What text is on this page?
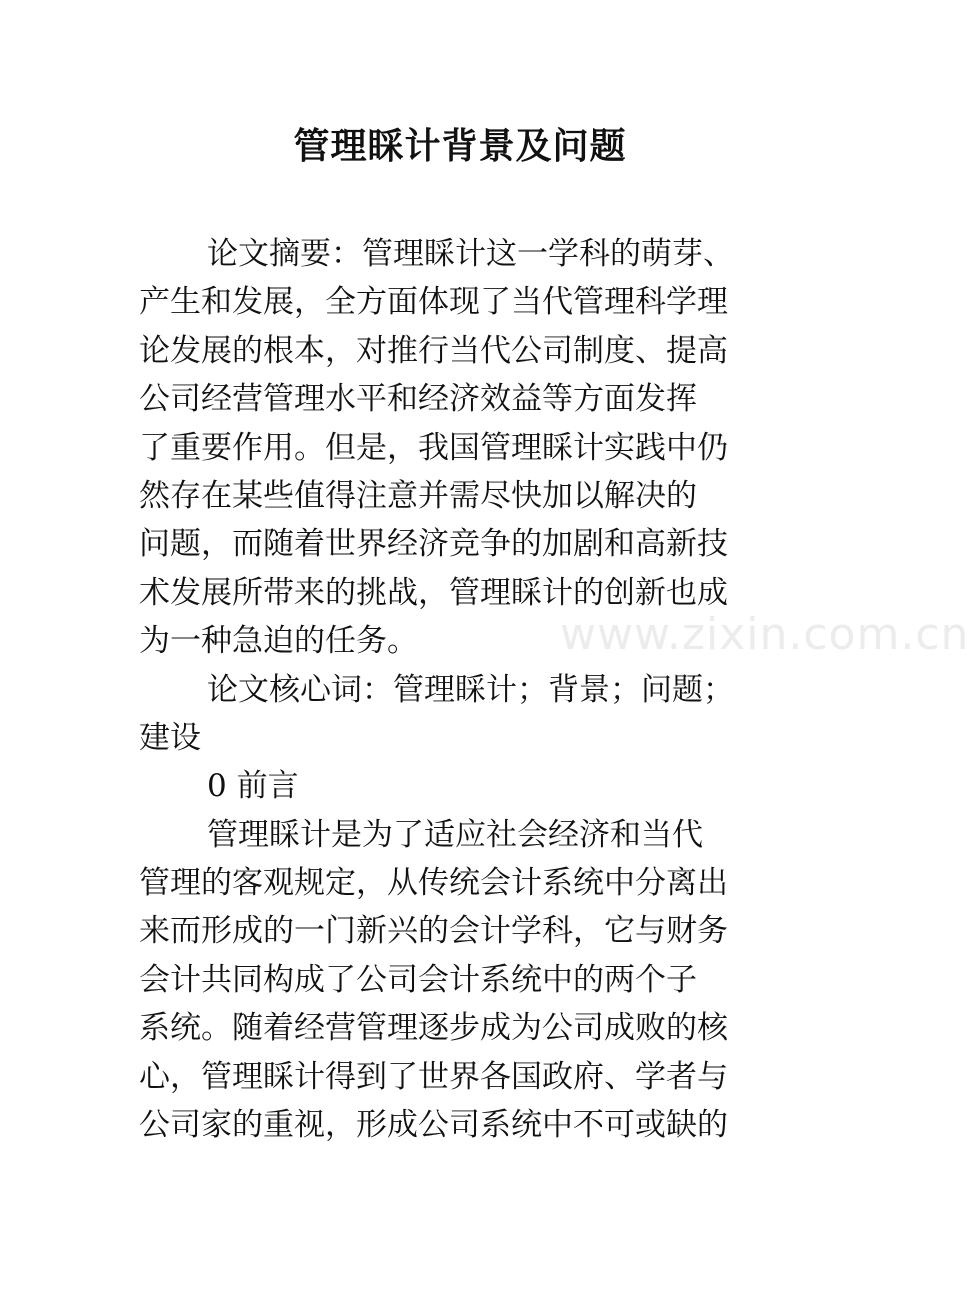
www.zixin.com.cn
管理睬计背景及问题
论文摘要：管理睬计这一学科的萌芽、
产生和发展，全方面体现了当代管理科学理
论发展的根本，对推行当代公司制度、提高
公司经营管理水平和经济效益等方面发挥
了重要作用。但是，我国管理睬计实践中仍
然存在某些值得注意并需尽快加以解决的
问题，而随着世界经济竞争的加剧和高新技
术发展所带来的挑战，管理睬计的创新也成
为一种急迫的任务。
论文核心词：管理睬计；背景；问题；
建设
0 前言
管理睬计是为了适应社会经济和当代
管理的客观规定，从传统会计系统中分离出
来而形成的一门新兴的会计学科，它与财务
会计共同构成了公司会计系统中的两个子
系统。随着经营管理逐步成为公司成败的核
心，管理睬计得到了世界各国政府、学者与
公司家的重视，形成公司系统中不可或缺的
